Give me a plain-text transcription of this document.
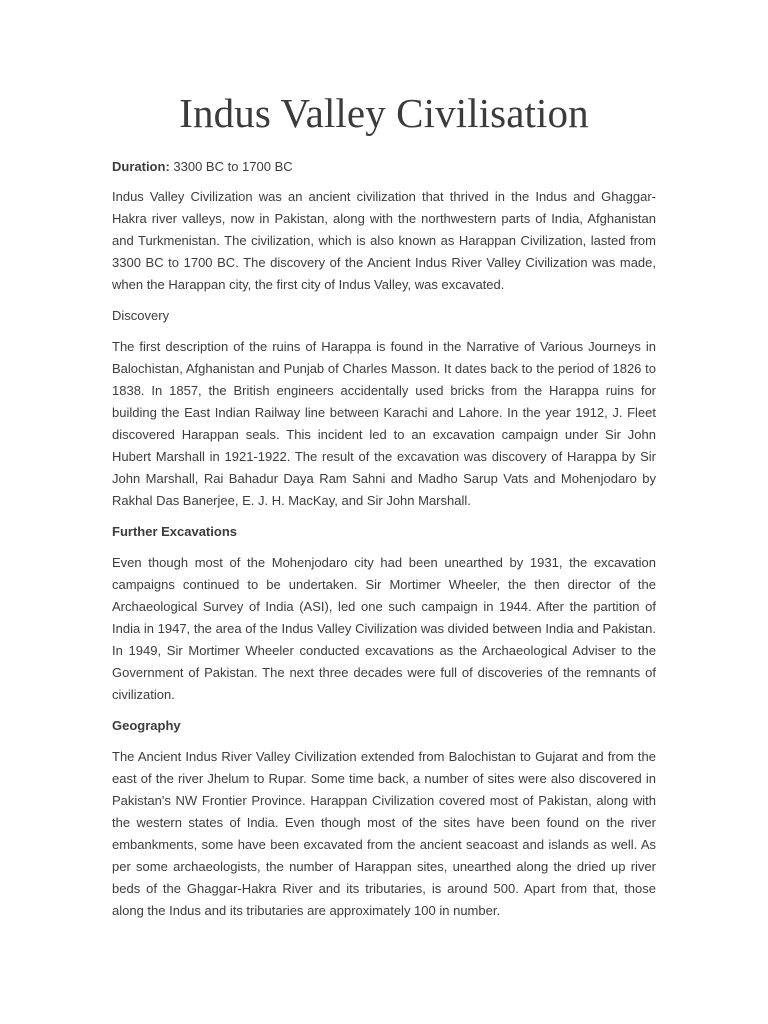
Indus Valley Civilisation

Duration: 3300 BC to 1700 BC

Indus Valley Civilization was an ancient civilization that thrived in the Indus and Ghaggar-Hakra river valleys, now in Pakistan, along with the northwestern parts of India, Afghanistan and Turkmenistan. The civilization, which is also known as Harappan Civilization, lasted from 3300 BC to 1700 BC. The discovery of the Ancient Indus River Valley Civilization was made, when the Harappan city, the first city of Indus Valley, was excavated.

Discovery

The first description of the ruins of Harappa is found in the Narrative of Various Journeys in Balochistan, Afghanistan and Punjab of Charles Masson. It dates back to the period of 1826 to 1838. In 1857, the British engineers accidentally used bricks from the Harappa ruins for building the East Indian Railway line between Karachi and Lahore. In the year 1912, J. Fleet discovered Harappan seals. This incident led to an excavation campaign under Sir John Hubert Marshall in 1921-1922. The result of the excavation was discovery of Harappa by Sir John Marshall, Rai Bahadur Daya Ram Sahni and Madho Sarup Vats and Mohenjodaro by Rakhal Das Banerjee, E. J. H. MacKay, and Sir John Marshall.

Further Excavations

Even though most of the Mohenjodaro city had been unearthed by 1931, the excavation campaigns continued to be undertaken. Sir Mortimer Wheeler, the then director of the Archaeological Survey of India (ASI), led one such campaign in 1944. After the partition of India in 1947, the area of the Indus Valley Civilization was divided between India and Pakistan. In 1949, Sir Mortimer Wheeler conducted excavations as the Archaeological Adviser to the Government of Pakistan. The next three decades were full of discoveries of the remnants of civilization.

Geography

The Ancient Indus River Valley Civilization extended from Balochistan to Gujarat and from the east of the river Jhelum to Rupar. Some time back, a number of sites were also discovered in Pakistan's NW Frontier Province. Harappan Civilization covered most of Pakistan, along with the western states of India. Even though most of the sites have been found on the river embankments, some have been excavated from the ancient seacoast and islands as well. As per some archaeologists, the number of Harappan sites, unearthed along the dried up river beds of the Ghaggar-Hakra River and its tributaries, is around 500. Apart from that, those along the Indus and its tributaries are approximately 100 in number.
